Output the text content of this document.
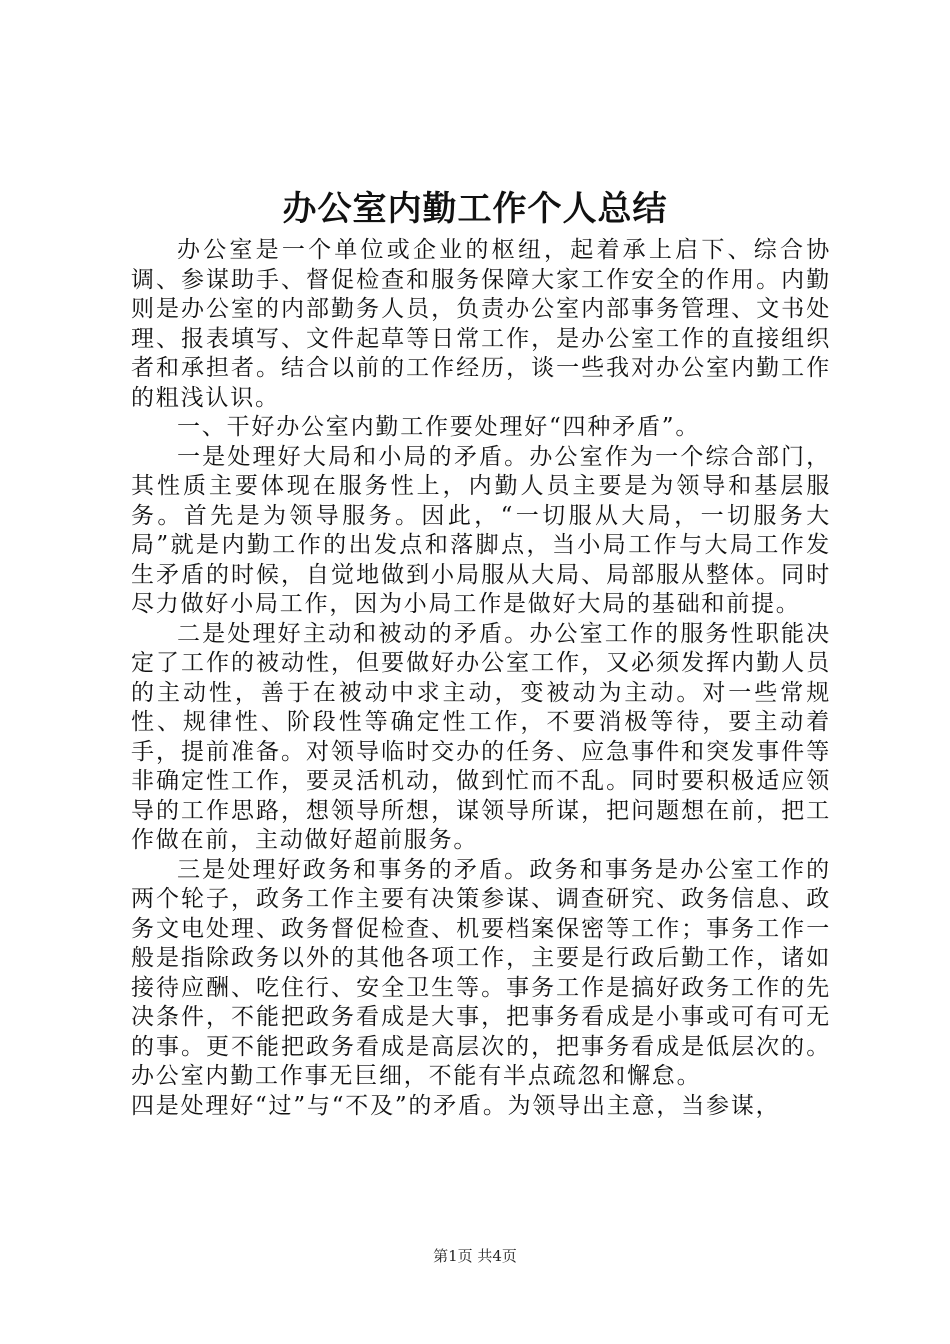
办公室内勤工作个人总结

办公室是一个单位或企业的枢纽，起着承上启下、综合协调、参谋助手、督促检查和服务保障大家工作安全的作用。内勤则是办公室的内部勤务人员，负责办公室内部事务管理、文书处理、报表填写、文件起草等日常工作，是办公室工作的直接组织者和承担者。结合以前的工作经历，谈一些我对办公室内勤工作的粗浅认识。

一、干好办公室内勤工作要处理好“四种矛盾”。

一是处理好大局和小局的矛盾。办公室作为一个综合部门，其性质主要体现在服务性上，内勤人员主要是为领导和基层服务。首先是为领导服务。因此，“一切服从大局，一切服务大局”就是内勤工作的出发点和落脚点，当小局工作与大局工作发生矛盾的时候，自觉地做到小局服从大局、局部服从整体。同时尽力做好小局工作，因为小局工作是做好大局的基础和前提。

二是处理好主动和被动的矛盾。办公室工作的服务性职能决定了工作的被动性，但要做好办公室工作，又必须发挥内勤人员的主动性，善于在被动中求主动，变被动为主动。对一些常规性、规律性、阶段性等确定性工作，不要消极等待，要主动着手，提前准备。对领导临时交办的任务、应急事件和突发事件等非确定性工作，要灵活机动，做到忙而不乱。同时要积极适应领导的工作思路，想领导所想，谋领导所谋，把问题想在前，把工作做在前，主动做好超前服务。

三是处理好政务和事务的矛盾。政务和事务是办公室工作的两个轮子，政务工作主要有决策参谋、调查研究、政务信息、政务文电处理、政务督促检查、机要档案保密等工作；事务工作一般是指除政务以外的其他各项工作，主要是行政后勤工作，诸如接待应酬、吃住行、安全卫生等。事务工作是搞好政务工作的先决条件，不能把政务看成是大事，把事务看成是小事或可有可无的事。更不能把政务看成是高层次的，把事务看成是低层次的。办公室内勤工作事无巨细，不能有半点疏忽和懈怠。

四是处理好“过”与“不及”的矛盾。为领导出主意，当参谋，

第1页 共4页
